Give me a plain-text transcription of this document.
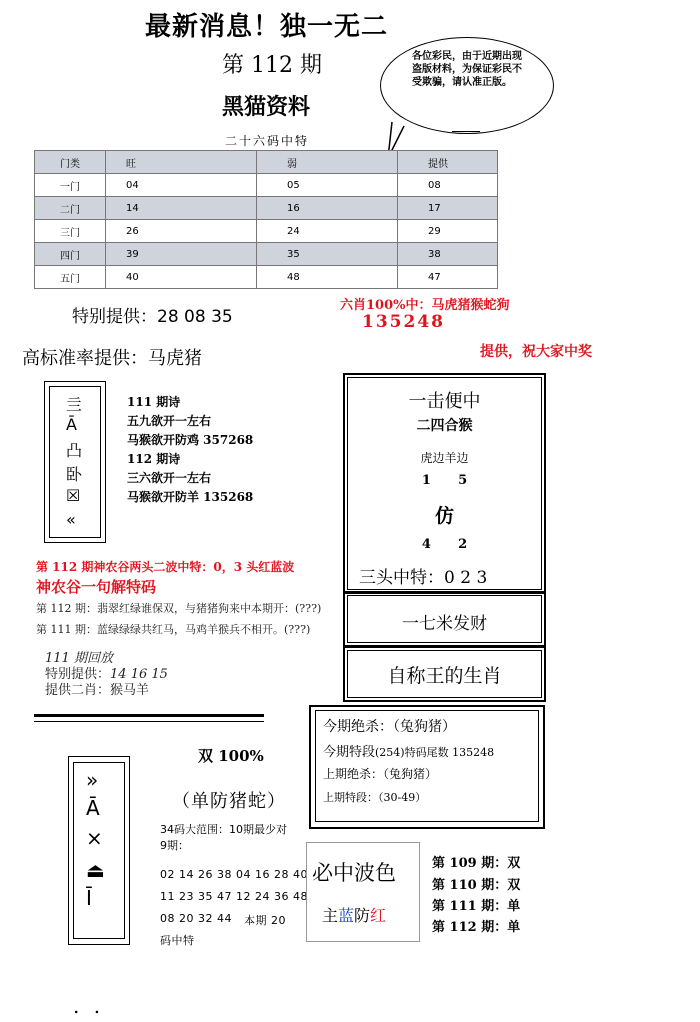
最新消息！独一无二
第 112 期
黑猫资料
各位彩民，由于近期出现盗版材料，为保证彩民不受欺骗，请认准正版。
二十六码中特
门类	旺	弱	提供
一门	04	05	08
二门	14	16	17
三门	26	24	29
四门	39	35	38
五门	40	48	47
特别提供：28 08 35
高标准率提供：马虎猪
六肖100%中：马虎猪猴蛇狗
135248
提供，祝大家中奖
亖
Ā
凸
卧
☒
«
111 期诗
五九欲开一左右
马猴欲开防鸡 357268
112 期诗
三六欲开一左右
马猴欲开防羊 135268
一击便中
二四合猴
虎边羊边
1      5
仿
4      2
三头中特：0 2 3
一七米发财
自称王的生肖
第 112 期神农谷两头二波中特：0，3 头红蓝波
神农谷一句解特码
第 112 期：翡翠红绿谁保双，与猪猪狗来中本期开：(???)
第 111 期：蓝绿绿绿共红马，马鸡羊猴兵不相开。(???)
111 期回放
特别提供：14 16 15
提供二肖：猴马羊
»
Ā
⨯
⏏
Ī
双 100%
（单防猪蛇）
34码大范围：10期最少对
9期：
02 14 26 38 04 16 28 40
11 23 35 47 12 24 36 48
08 20 32 44 本期 20
码中特
今期绝杀：（兔狗猪）
今期特段(254)特码尾数 135248
上期绝杀：（兔狗猪）
上期特段：（30-49）
必中波色
主蓝防红
第 109 期：双
第 110 期：双
第 111 期：单
第 112 期：单
. .
